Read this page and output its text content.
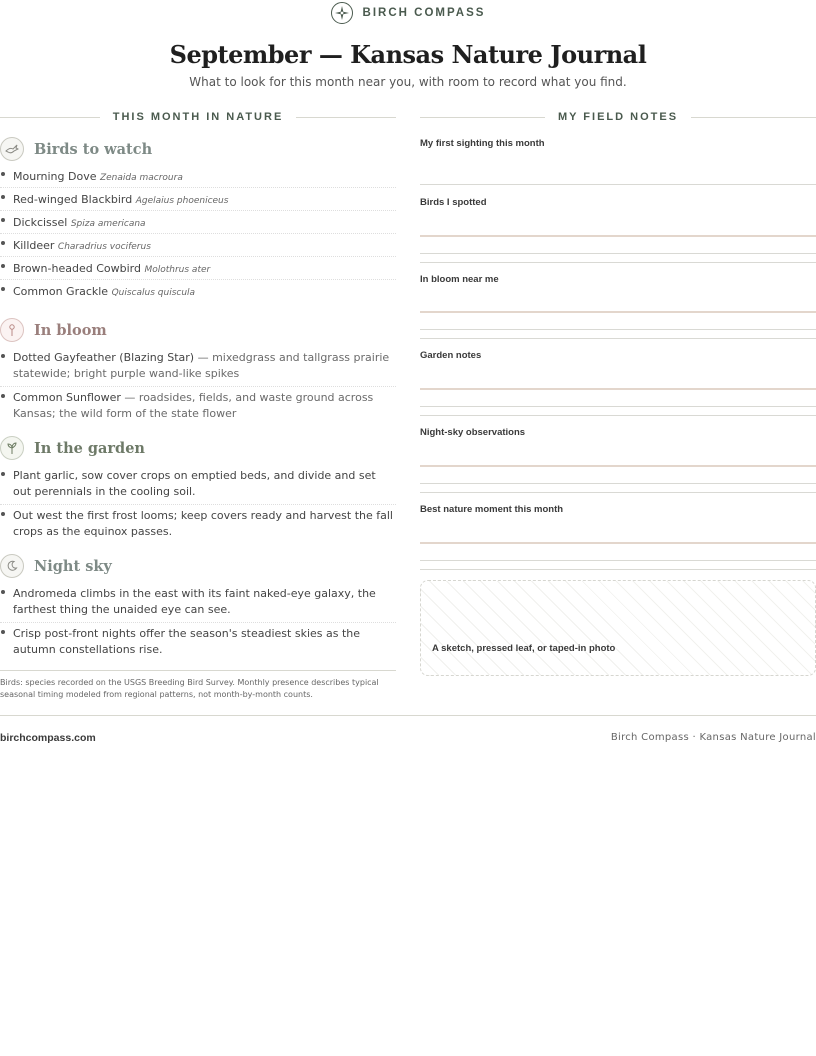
BIRCH COMPASS
September — Kansas Nature Journal

What to look for this month near you, with room to record what you find.

THIS MONTH IN NATURE
Birds to watch
Mourning Dove Zenaida macroura
Red-winged Blackbird Agelaius phoeniceus
Dickcissel Spiza americana
Killdeer Charadrius vociferus
Brown-headed Cowbird Molothrus ater
Common Grackle Quiscalus quiscula
In bloom
Dotted Gayfeather (Blazing Star) — mixedgrass and tallgrass prairie statewide; bright purple wand-like spikes
Common Sunflower — roadsides, fields, and waste ground across Kansas; the wild form of the state flower
In the garden
Plant garlic, sow cover crops on emptied beds, and divide and set out perennials in the cooling soil.
Out west the first frost looms; keep covers ready and harvest the fall crops as the equinox passes.
Night sky
Andromeda climbs in the east with its faint naked-eye galaxy, the farthest thing the unaided eye can see.
Crisp post-front nights offer the season's steadiest skies as the autumn constellations rise.
Birds: species recorded on the USGS Breeding Bird Survey. Monthly presence describes typical seasonal timing modeled from regional patterns, not month-by-month counts.
MY FIELD NOTES
My first sighting this month
Birds I spotted
In bloom near me
Garden notes
Night-sky observations
Best nature moment this month
A sketch, pressed leaf, or taped-in photo
birchcompass.com	Birch Compass · Kansas Nature Journal
